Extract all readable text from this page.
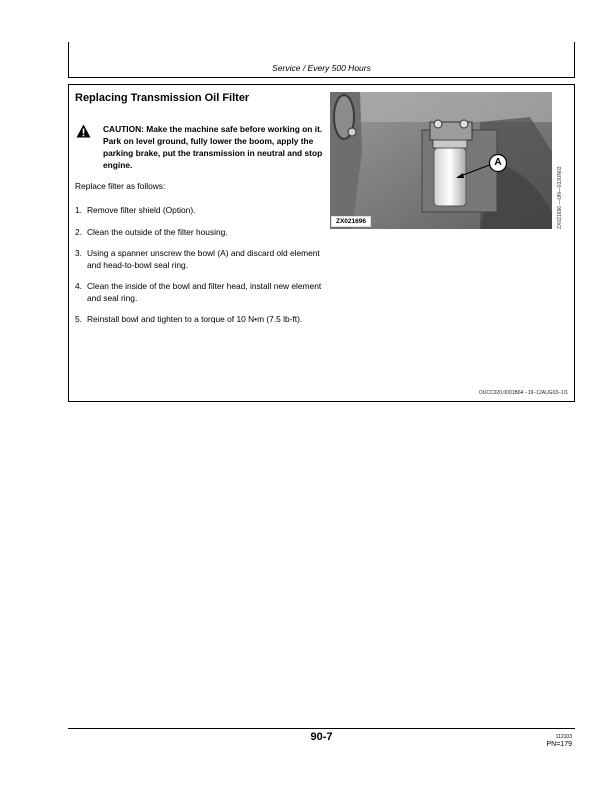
Service / Every 500 Hours
Replacing Transmission Oil Filter
CAUTION: Make the machine safe before working on it. Park on level ground, fully lower the boom, apply the parking brake, put the transmission in neutral and stop engine.
Replace filter as follows:
1. Remove filter shield (Option).
2. Clean the outside of the filter housing.
3. Using a spanner unscrew the bowl (A) and discard old element and head-to-bowl seal ring.
4. Clean the inside of the bowl and filter head, install new element and seal ring.
5. Reinstall bowl and tighten to a torque of 10 N•m (7.5 lb-ft).
A
ZX021696	ZX021696 —UN—03JUN03
OUCC020,0001B64 −19−12AUG03−1/1
90-7	112103
PN=179
